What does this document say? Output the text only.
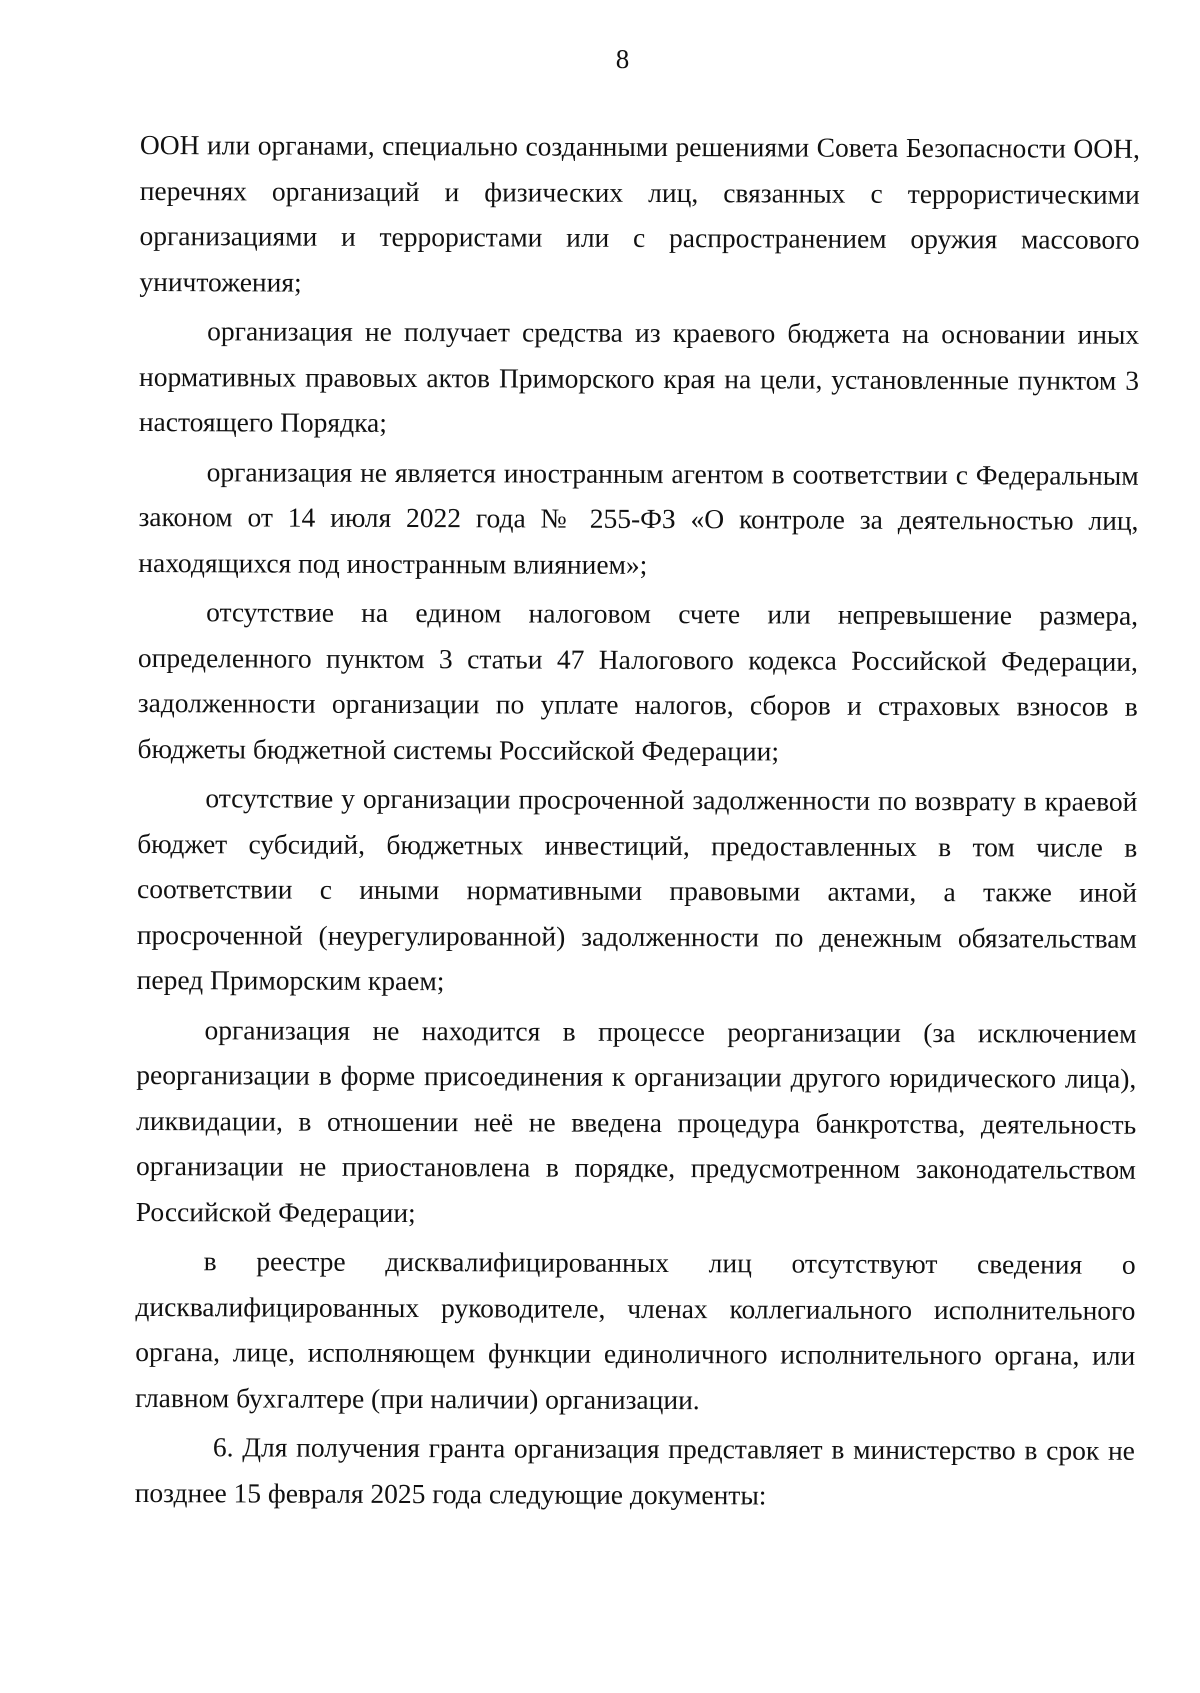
8

ООН или органами, специально созданными решениями Совета Безопасности ООН, перечнях организаций и физических лиц, связанных с террористическими организациями и террористами или с распространением оружия массового уничтожения;

организация не получает средства из краевого бюджета на основании иных нормативных правовых актов Приморского края на цели, установленные пунктом 3 настоящего Порядка;

организация не является иностранным агентом в соответствии с Федеральным законом от 14 июля 2022 года № 255-ФЗ «О контроле за деятельностью лиц, находящихся под иностранным влиянием»;

отсутствие на едином налоговом счете или непревышение размера, определенного пунктом 3 статьи 47 Налогового кодекса Российской Федерации, задолженности организации по уплате налогов, сборов и страховых взносов в бюджеты бюджетной системы Российской Федерации;

отсутствие у организации просроченной задолженности по возврату в краевой бюджет субсидий, бюджетных инвестиций, предоставленных в том числе в соответствии с иными нормативными правовыми актами, а также иной просроченной (неурегулированной) задолженности по денежным обязательствам перед Приморским краем;

организация не находится в процессе реорганизации (за исключением реорганизации в форме присоединения к организации другого юридического лица), ликвидации, в отношении неё не введена процедура банкротства, деятельность организации не приостановлена в порядке, предусмотренном законодательством Российской Федерации;

в реестре дисквалифицированных лиц отсутствуют сведения о дисквалифицированных руководителе, членах коллегиального исполнительного органа, лице, исполняющем функции единоличного исполнительного органа, или главном бухгалтере (при наличии) организации.

6. Для получения гранта организация представляет в министерство в срок не позднее 15 февраля 2025 года следующие документы:
